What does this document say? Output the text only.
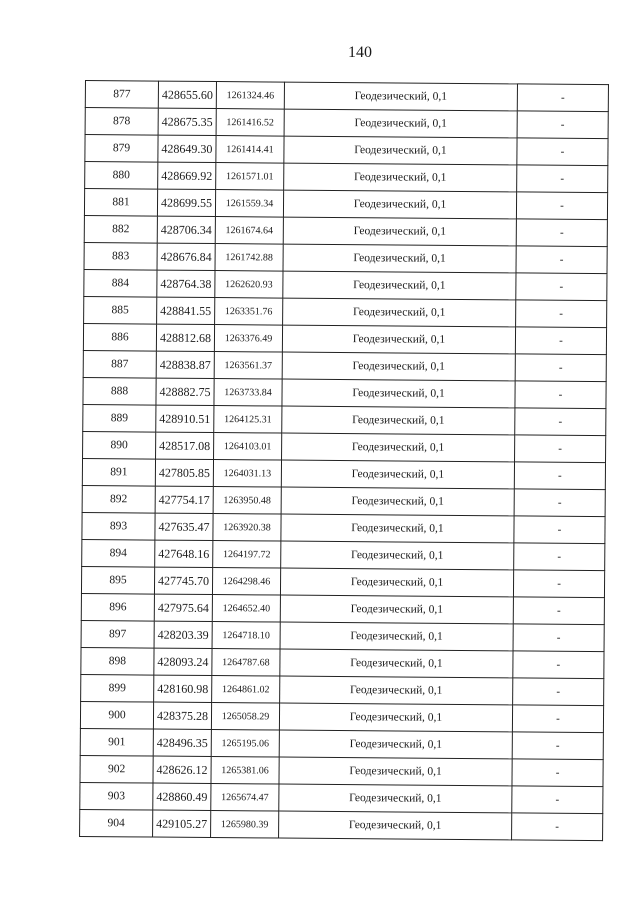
140
877	428655.60	1261324.46	Геодезический, 0,1	-
878	428675.35	1261416.52	Геодезический, 0,1	-
879	428649.30	1261414.41	Геодезический, 0,1	-
880	428669.92	1261571.01	Геодезический, 0,1	-
881	428699.55	1261559.34	Геодезический, 0,1	-
882	428706.34	1261674.64	Геодезический, 0,1	-
883	428676.84	1261742.88	Геодезический, 0,1	-
884	428764.38	1262620.93	Геодезический, 0,1	-
885	428841.55	1263351.76	Геодезический, 0,1	-
886	428812.68	1263376.49	Геодезический, 0,1	-
887	428838.87	1263561.37	Геодезический, 0,1	-
888	428882.75	1263733.84	Геодезический, 0,1	-
889	428910.51	1264125.31	Геодезический, 0,1	-
890	428517.08	1264103.01	Геодезический, 0,1	-
891	427805.85	1264031.13	Геодезический, 0,1	-
892	427754.17	1263950.48	Геодезический, 0,1	-
893	427635.47	1263920.38	Геодезический, 0,1	-
894	427648.16	1264197.72	Геодезический, 0,1	-
895	427745.70	1264298.46	Геодезический, 0,1	-
896	427975.64	1264652.40	Геодезический, 0,1	-
897	428203.39	1264718.10	Геодезический, 0,1	-
898	428093.24	1264787.68	Геодезический, 0,1	-
899	428160.98	1264861.02	Геодезический, 0,1	-
900	428375.28	1265058.29	Геодезический, 0,1	-
901	428496.35	1265195.06	Геодезический, 0,1	-
902	428626.12	1265381.06	Геодезический, 0,1	-
903	428860.49	1265674.47	Геодезический, 0,1	-
904	429105.27	1265980.39	Геодезический, 0,1	-
